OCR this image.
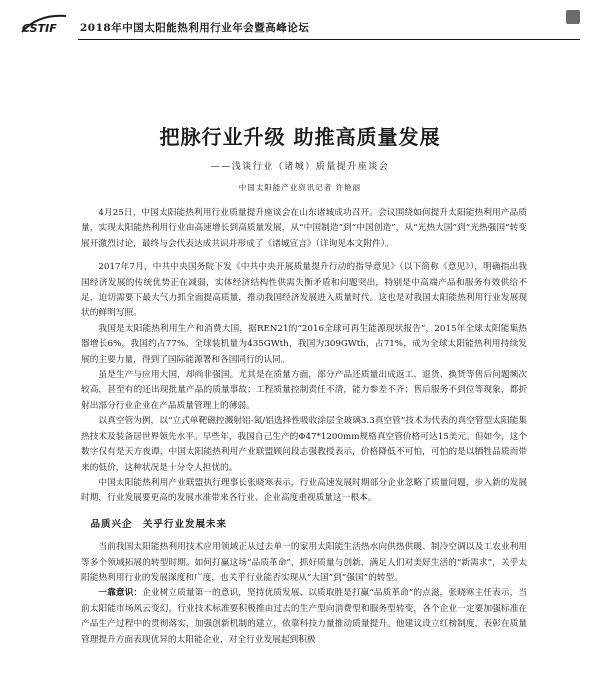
CSTIF 2018年中国太阳能热利用行业年会暨高峰论坛
把脉行业升级 助推高质量发展
——浅谈行业（诸城）质量提升座谈会
中国太阳能产业资讯记者 许艳丽

4月25日，中国太阳能热利用行业质量提升座谈会在山东诸城成功召开。会议围绕如何提升太阳能热利用产品质量，实现太阳能热利用行业由高速增长到高质量发展，从“中国制造”到“中国创造”，从“光热大国”到“光热强国”转变展开激烈讨论，最终与会代表达成共识并形成了《诸城宣言》（详询见本文附件）。

2017年7月，中共中央国务院下发《中共中央开展质量提升行动的指导意见》（以下简称《意见》），明确指出我国经济发展的传统优势正在减弱，实体经济结构性供需失衡矛盾和问题突出，特别是中高端产品和服务有效供给不足，迫切需要下最大气力抓全面提高质量，推动我国经济发展进入质量时代。这也是对我国太阳能热利用行业发展现状的鲜明写照。

我国是太阳能热利用生产和消费大国，据REN21的“2016全球可再生能源现状报告”，2015年全球太阳能集热器增长6%，我国约占77%。全球装机量为435GWth，我国为309GWth，占71%，成为全球太阳能热利用持续发展的主要力量，得到了国际能源署和各国同行的认同。

虽是生产与应用大国，却尚非强国。尤其是在质量方面，部分产品还质量出成返工、退货、换货等售后问题频次较高，甚至有的还出现批量产品的质量事故；工程质量控制责任不清，能力参差不齐；售后服务不到位等现象，都折射出部分行业企业在产品质量管理上的薄弱。

以真空管为例，以“立式单靶磁控溅射铝-氮/铝选择性吸收涂层全玻璃3.3真空管”技术为代表的真空管型太阳能集热技术及装备居世界领先水平。早些年，我国自己生产的Φ47*1200mm规格真空管价格可达15美元。但如今，这个数字仅有是天方夜谭，中国太阳能热利用产业联盟顾问段志强教授表示，价格降低不可怕，可怕的是以牺牲品质而带来的低价，这种状况是十分令人担忧的。

中国太阳能热利用产业联盟执行理事长张晓寒表示，行业高速发展时期部分企业忽略了质量问题，步入新的发展时期，行业发展要更高的发展水准带来各行业、企业高度重视质量这一根本。

品质兴企　关乎行业发展未来

当前我国太阳能热利用技术应用领域正从过去单一的家用太阳能生活热水向供热供暖、制冷空调以及工农业利用等多个领域拓展的转型时期。如何打赢这场“品质革命”，抓好质量与创新，满足人们对美好生活的“新需求”，关乎太阳能热利用行业的发展深度和广度，也关乎行业能否实现从“大国”到“强国”的转型。

一靠意识：企业树立质量第一的意识，坚持优质发展、以质取胜是打赢“品质革命”的点滋，张晓寒主任表示，当前太阳能市场风云变幻，行业技术标准要积极推由过去的生产型向消费型和服务型转变，各个企业一定要加强标准在产品生产过程中的贯彻落实，加强创新机制的建立，依靠科技力量推动质量提升。他建议设立红榜制度，表彰在质量管理提升方面表现优异的太阳能企业，对全行业发展起到积极
